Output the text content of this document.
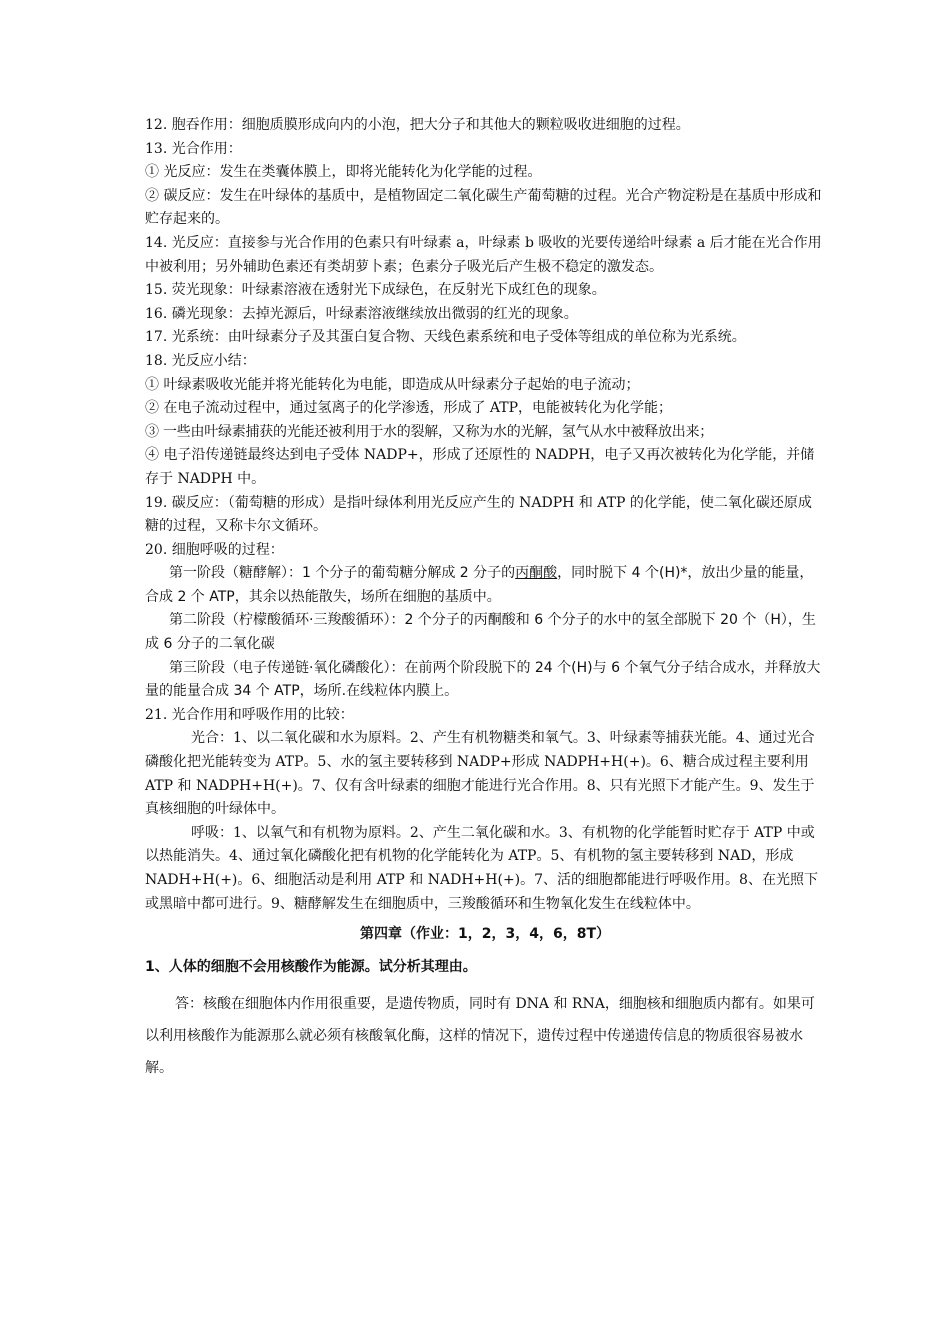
12. 胞吞作用：细胞质膜形成向内的小泡，把大分子和其他大的颗粒吸收进细胞的过程。

13. 光合作用：

① 光反应：发生在类囊体膜上，即将光能转化为化学能的过程。

② 碳反应：发生在叶绿体的基质中，是植物固定二氧化碳生产葡萄糖的过程。光合产物淀粉是在基质中形成和贮存起来的。

14. 光反应：直接参与光合作用的色素只有叶绿素 a，叶绿素 b 吸收的光要传递给叶绿素 a 后才能在光合作用中被利用；另外辅助色素还有类胡萝卜素；色素分子吸光后产生极不稳定的激发态。

15. 荧光现象：叶绿素溶液在透射光下成绿色，在反射光下成红色的现象。

16. 磷光现象：去掉光源后，叶绿素溶液继续放出微弱的红光的现象。

17. 光系统：由叶绿素分子及其蛋白复合物、天线色素系统和电子受体等组成的单位称为光系统。

18. 光反应小结：

① 叶绿素吸收光能并将光能转化为电能，即造成从叶绿素分子起始的电子流动；

② 在电子流动过程中，通过氢离子的化学渗透，形成了 ATP，电能被转化为化学能；

③ 一些由叶绿素捕获的光能还被利用于水的裂解，又称为水的光解，氢气从水中被释放出来；

④ 电子沿传递链最终达到电子受体 NADP+，形成了还原性的 NADPH，电子又再次被转化为化学能，并储存于 NADPH 中。

19. 碳反应：（葡萄糖的形成）是指叶绿体利用光反应产生的 NADPH 和 ATP 的化学能，使二氧化碳还原成糖的过程，又称卡尔文循环。

20. 细胞呼吸的过程：

第一阶段（糖酵解）：1 个分子的葡萄糖分解成 2 分子的丙酮酸，同时脱下 4 个(H)*，放出少量的能量，合成 2 个 ATP，其余以热能散失，场所在细胞的基质中。

第二阶段（柠檬酸循环·三羧酸循环）：2 个分子的丙酮酸和 6 个分子的水中的氢全部脱下 20 个（H），生成 6 分子的二氧化碳

第三阶段（电子传递链·氧化磷酸化）：在前两个阶段脱下的 24 个(H)与 6 个氧气分子结合成水，并释放大量的能量合成 34 个 ATP，场所.在线粒体内膜上。

21. 光合作用和呼吸作用的比较：

光合：1、以二氧化碳和水为原料。2、产生有机物糖类和氧气。3、叶绿素等捕获光能。4、通过光合磷酸化把光能转变为 ATP。5、水的氢主要转移到 NADP+形成 NADPH+H(+)。6、糖合成过程主要利用 ATP 和 NADPH+H(+)。7、仅有含叶绿素的细胞才能进行光合作用。8、只有光照下才能产生。9、发生于真核细胞的叶绿体中。

呼吸：1、以氧气和有机物为原料。2、产生二氧化碳和水。3、有机物的化学能暂时贮存于 ATP 中或以热能消失。4、通过氧化磷酸化把有机物的化学能转化为 ATP。5、有机物的氢主要转移到 NAD，形成 NADH+H(+)。6、细胞活动是利用 ATP 和 NADH+H(+)。7、活的细胞都能进行呼吸作用。8、在光照下或黑暗中都可进行。9、糖酵解发生在细胞质中，三羧酸循环和生物氧化发生在线粒体中。

第四章（作业：1，2，3，4，6，8T）

1、人体的细胞不会用核酸作为能源。试分析其理由。

答：核酸在细胞体内作用很重要，是遗传物质，同时有 DNA 和 RNA，细胞核和细胞质内都有。如果可以利用核酸作为能源那么就必须有核酸氧化酶，这样的情况下，遗传过程中传递遗传信息的物质很容易被水解。
